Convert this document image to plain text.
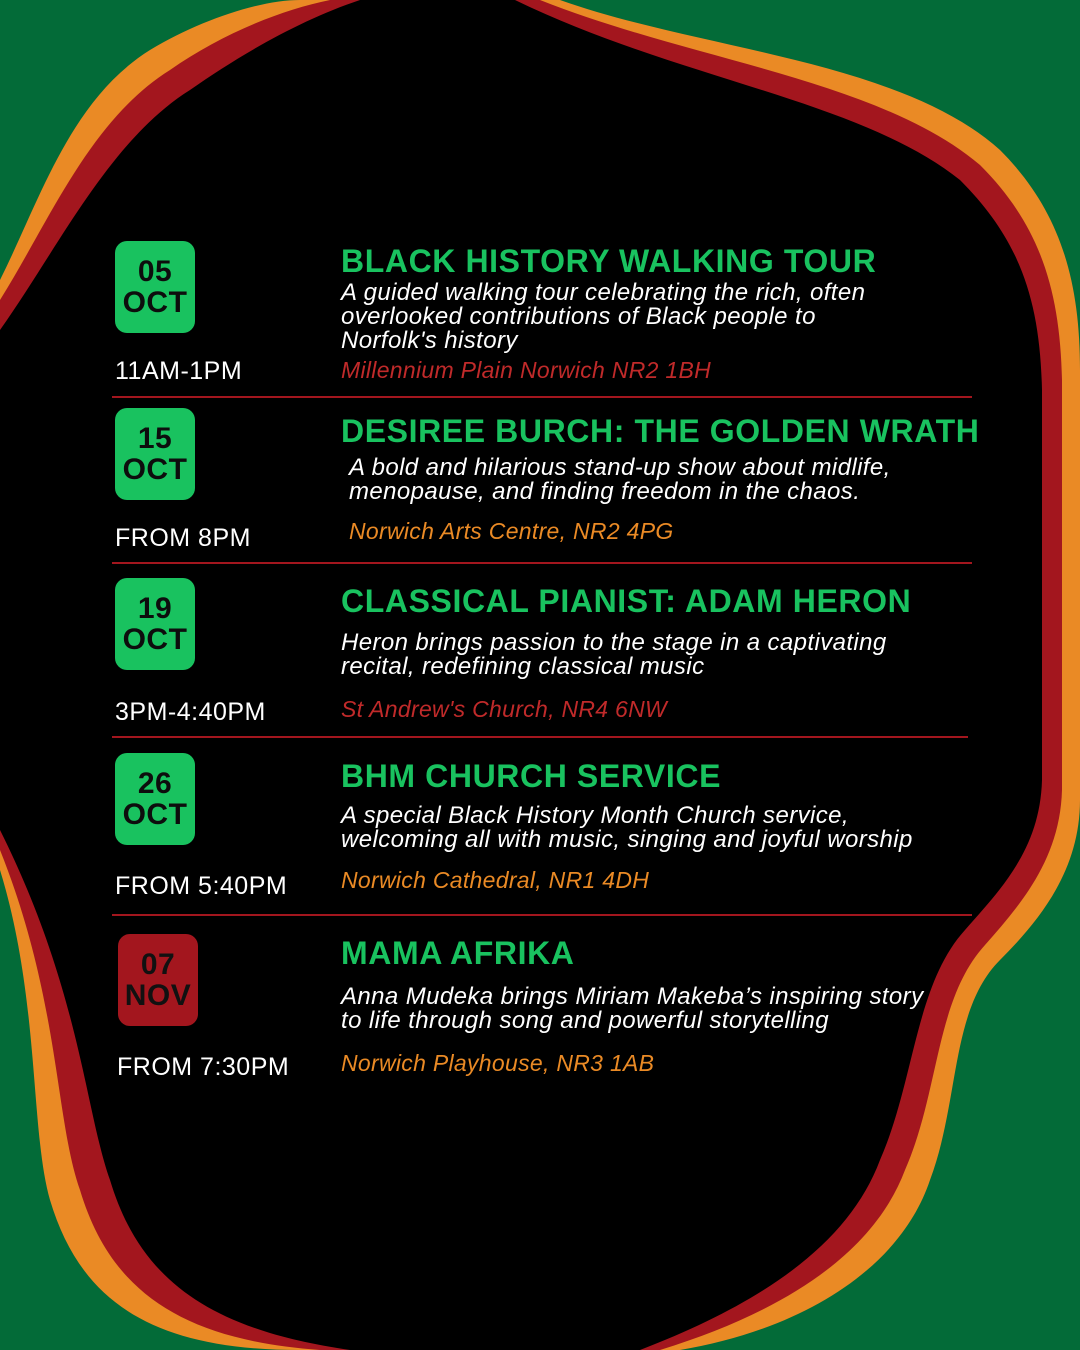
05
OCT
11AM-1PM
BLACK HISTORY WALKING TOUR
A guided walking tour celebrating the rich, often
overlooked contributions of Black people to
Norfolk's history
Millennium Plain Norwich NR2 1BH
15
OCT
FROM 8PM
DESIREE BURCH: THE GOLDEN WRATH
A bold and hilarious stand-up show about midlife,
menopause, and finding freedom in the chaos.
Norwich Arts Centre, NR2 4PG
19
OCT
3PM-4:40PM
CLASSICAL PIANIST: ADAM HERON
Heron brings passion to the stage in a captivating
recital, redefining classical music
St Andrew's Church, NR4 6NW
26
OCT
FROM 5:40PM
BHM CHURCH SERVICE
A special Black History Month Church service,
welcoming all with music, singing and joyful worship
Norwich Cathedral, NR1 4DH
07
NOV
FROM 7:30PM
MAMA AFRIKA
Anna Mudeka brings Miriam Makeba’s inspiring story
to life through song and powerful storytelling
Norwich Playhouse, NR3 1AB
